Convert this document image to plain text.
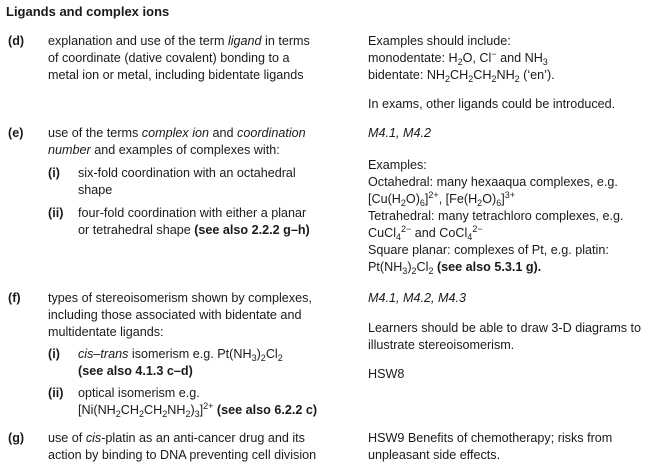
Ligands and complex ions
(d) explanation and use of the term ligand in terms
of coordinate (dative covalent) bonding to a
metal ion or metal, including bidentate ligands
Examples should include:
monodentate: $H_2O$, Cl− and $NH_3$
bidentate: $NH_2CH_2CH_2NH_2$ (‘en’).
In exams, other ligands could be introduced.
(e) use of the terms complex ion and coordination
number and examples of complexes with:
(i) six-fold coordination with an octahedral
shape
(ii) four-fold coordination with either a planar
or tetrahedral shape (see also 2.2.2 g–h)
M4.1, M4.2
Examples:
Octahedral: many hexaaqua complexes, e.g.
$[Cu(H_2O)_6]^{2+}$, $[Fe(H_2O)_6]^{3+}$
Tetrahedral: many tetrachloro complexes, e.g.
CuCl$_4^{2-}$ and CoCl$_4^{2-}$
Square planar: complexes of Pt, e.g. platin:
$Pt(NH_3)_2Cl_2$ (see also 5.3.1 g).
(f) types of stereoisomerism shown by complexes,
including those associated with bidentate and
multidentate ligands:
(i) cis–trans isomerism e.g. $Pt(NH_3)_2Cl_2$
(see also 4.1.3 c–d)
(ii) optical isomerism e.g.
$[Ni(NH_2CH_2CH_2NH_2)_3]^{2+}$ (see also 6.2.2 c)
M4.1, M4.2, M4.3
Learners should be able to draw 3-D diagrams to
illustrate stereoisomerism.
HSW8
(g) use of cis-platin as an anti-cancer drug and its
action by binding to DNA preventing cell division
HSW9 Benefits of chemotherapy; risks from
unpleasant side effects.
